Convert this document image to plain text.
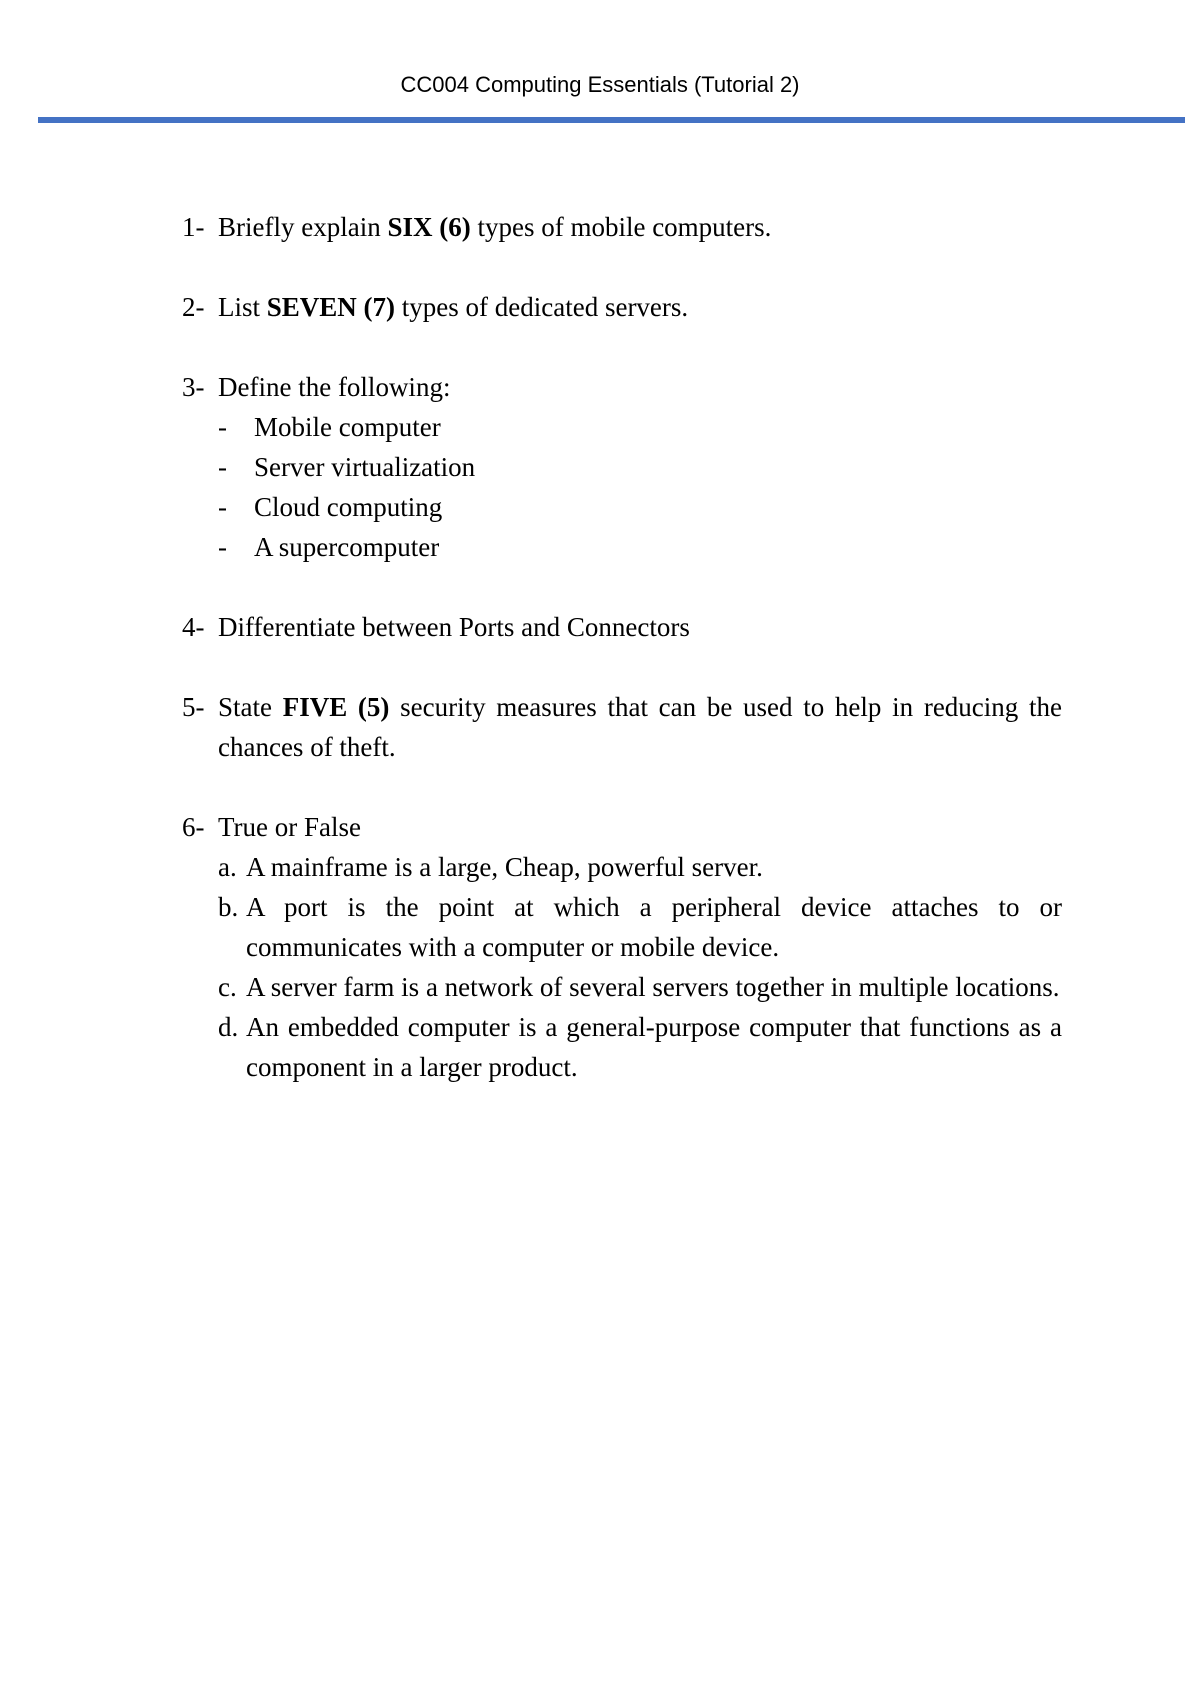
CC004 Computing Essentials (Tutorial 2)
1- Briefly explain SIX (6) types of mobile computers.
2- List SEVEN (7) types of dedicated servers.
3- Define the following:
-	Mobile computer
-	Server virtualization
-	Cloud computing
-	A supercomputer
4- Differentiate between Ports and Connectors
5- State FIVE (5) security measures that can be used to help in reducing the chances of theft.
6- True or False
a. A mainframe is a large, Cheap, powerful server.
b. A port is the point at which a peripheral device attaches to or communicates with a computer or mobile device.
c. A server farm is a network of several servers together in multiple locations.
d. An embedded computer is a general-purpose computer that functions as a component in a larger product.
